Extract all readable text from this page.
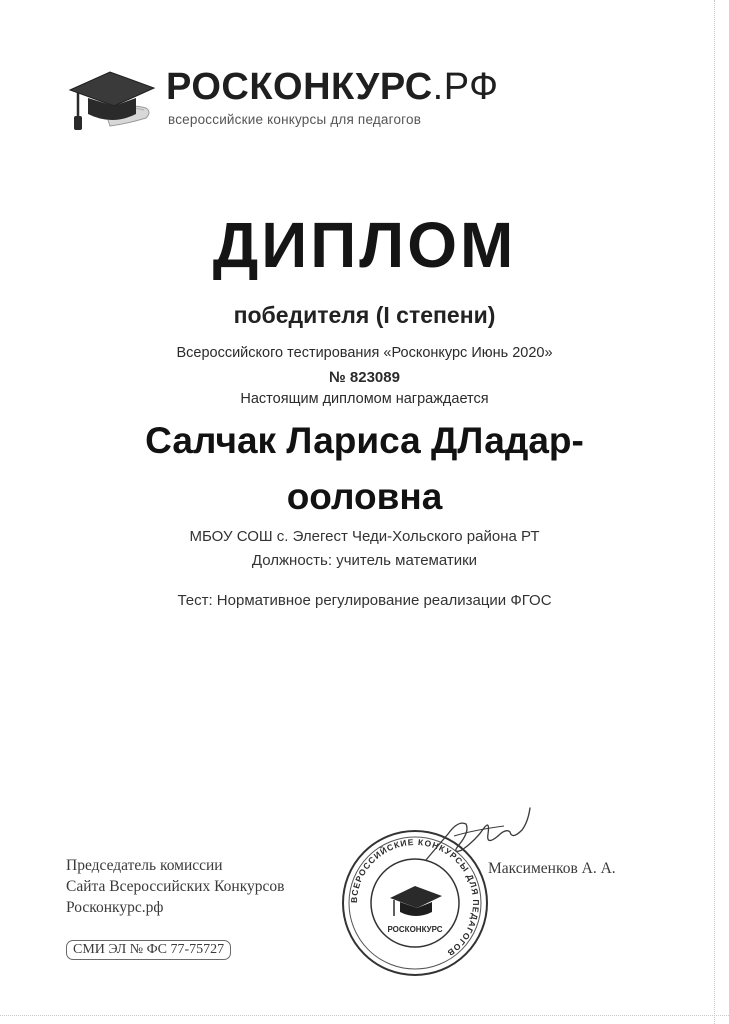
РОСКОНКУРС.РФ
всероссийские конкурсы для педагогов
ДИПЛОМ
победителя (I степени)
Всероссийского тестирования «Росконкурс Июнь 2020»
№ 823089
Настоящим дипломом награждается
Салчак Лариса ДЛадар-
ооловна
МБОУ СОШ с. Элегест Чеди-Хольского района РТ
Должность: учитель математики
Тест: Нормативное регулирование реализации ФГОС
Председатель комиссии
Сайта Всероссийских Конкурсов
Росконкурс.рф
СМИ ЭЛ № ФС 77-75727
ВСЕРОССИЙСКИЕ КОНКУРСЫ ДЛЯ ПЕДАГОГОВ
РОСКОНКУРС
Максименков А. А.
